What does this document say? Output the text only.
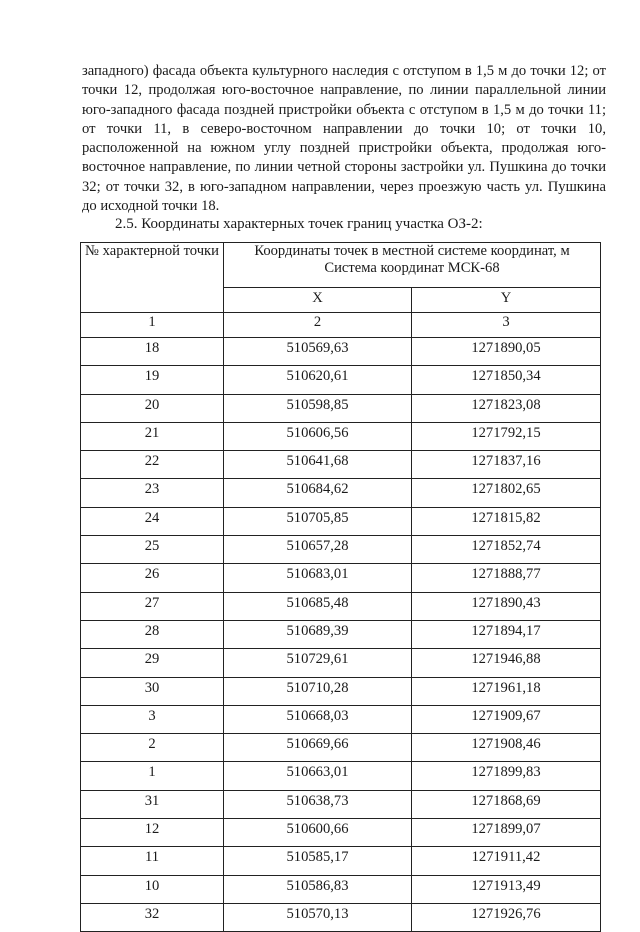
западного) фасада объекта культурного наследия с отступом в 1,5 м до точки 12; от точки 12, продолжая юго-восточное направление, по линии параллельной линии юго-западного фасада поздней пристройки объекта с отступом в 1,5 м до точки 11; от точки 11, в северо-восточном направлении до точки 10; от точки 10, расположенной на южном углу поздней пристройки объекта, продолжая юго-восточное направление, по линии четной стороны застройки ул. Пушкина до точки 32; от точки 32, в юго-западном направлении, через проезжую часть ул. Пушкина до исходной точки 18.

2.5. Координаты характерных точек границ участка ОЗ-2:

№ характерной точки	Координаты точек в местной системе координат, м
Система координат МСК-68	
	X	Y
1	2	3
18	510569,63	1271890,05
19	510620,61	1271850,34
20	510598,85	1271823,08
21	510606,56	1271792,15
22	510641,68	1271837,16
23	510684,62	1271802,65
24	510705,85	1271815,82
25	510657,28	1271852,74
26	510683,01	1271888,77
27	510685,48	1271890,43
28	510689,39	1271894,17
29	510729,61	1271946,88
30	510710,28	1271961,18
3	510668,03	1271909,67
2	510669,66	1271908,46
1	510663,01	1271899,83
31	510638,73	1271868,69
12	510600,66	1271899,07
11	510585,17	1271911,42
10	510586,83	1271913,49
32	510570,13	1271926,76
